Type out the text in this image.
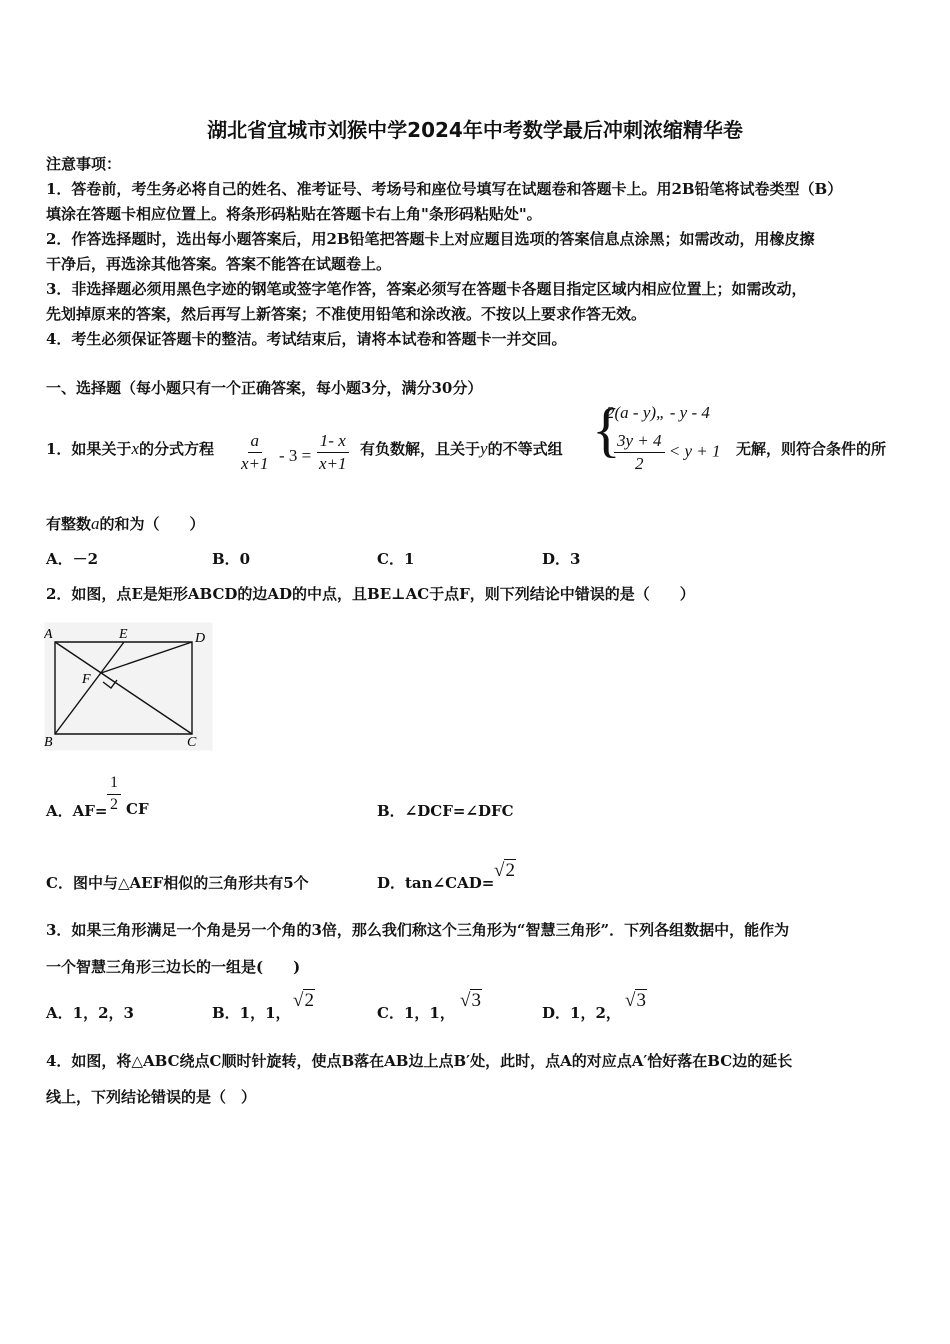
湖北省宜城市刘猴中学2024年中考数学最后冲刺浓缩精华卷
注意事项：
1．答卷前，考生务必将自己的姓名、准考证号、考场号和座位号填写在试题卷和答题卡上。用2B铅笔将试卷类型（B）
填涂在答题卡相应位置上。将条形码粘贴在答题卡右上角"条形码粘贴处"。
2．作答选择题时，选出每小题答案后，用2B铅笔把答题卡上对应题目选项的答案信息点涂黑；如需改动，用橡皮擦
干净后，再选涂其他答案。答案不能答在试题卷上。
3．非选择题必须用黑色字迹的钢笔或签字笔作答，答案必须写在答题卡各题目指定区域内相应位置上；如需改动，
先划掉原来的答案，然后再写上新答案；不准使用铅笔和涂改液。不按以上要求作答无效。
4．考生必须保证答题卡的整洁。考试结束后，请将本试卷和答题卡一并交回。
一、选择题（每小题只有一个正确答案，每小题3分，满分30分）
1．如果关于x的分式方程 $\frac{a}{x+1} - 3 = \frac{1- x}{x+1}$ 有负数解，且关于y的不等式组 {
2(a - y)„ - y - 4
$\frac{3y + 4}{2} < y + 1$ 无解，则符合条件的所
有整数a的和为（　　）
A．－2	B．0	C．1	D．3
2．如图，点E是矩形ABCD的边AD的中点，且BE⊥AC于点F，则下列结论中错误的是（　　）
A	E	D
F
B	C
A．$AF= \frac{1}{2}$ CF	B．∠DCF=∠DFC
C．图中与△AEF相似的三角形共有5个	D．tan∠CAD=
√2
3．如果三角形满足一个角是另一个角的3倍，那么我们称这个三角形为“智慧三角形”．下列各组数据中，能作为
一个智慧三角形三边长的一组是(　　)
A．1，2，3	B．1，1，
√2
C．1，1，
√3
D．1，2，
√3
4．如图，将△ABC绕点C顺时针旋转，使点B落在AB边上点B′处，此时，点A的对应点A′恰好落在BC边的延长
线上，下列结论错误的是（　）
